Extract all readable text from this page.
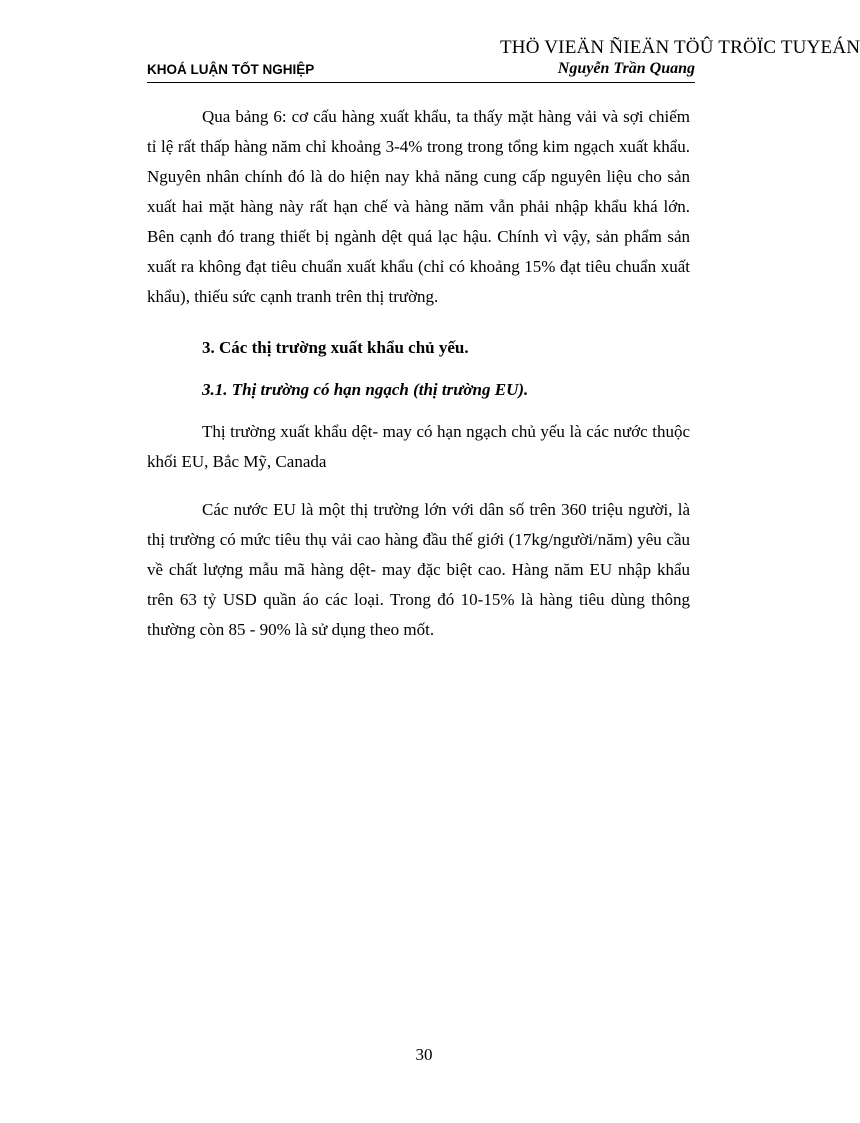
THÖ VIEÄN ÑIEÄN TÖÛ TRÖÏC TUYEÁN
KHOÁ LUẬN TỐT NGHIỆP	Nguyễn Trần Quang

Qua bảng 6: cơ cấu hàng xuất khẩu, ta thấy mặt hàng vải và sợi chiếm tỉ lệ rất thấp hàng năm chỉ khoảng 3-4% trong trong tổng kim ngạch xuất khẩu. Nguyên nhân chính đó là do hiện nay khả năng cung cấp nguyên liệu cho sản xuất hai mặt hàng này rất hạn chế và hàng năm vẫn phải nhập khẩu khá lớn. Bên cạnh đó trang thiết bị ngành dệt quá lạc hậu. Chính vì vậy, sản phẩm sản xuất ra không đạt tiêu chuẩn xuất khẩu (chỉ có khoảng 15% đạt tiêu chuẩn xuất khẩu), thiếu sức cạnh tranh trên thị trường.

3. Các thị trường xuất khẩu chủ yếu.

3.1. Thị trường có hạn ngạch (thị trường EU).

Thị trường xuất khẩu dệt- may có hạn ngạch chủ yếu là các nước thuộc khối EU, Bắc Mỹ, Canada

Các nước EU là một thị trường lớn với dân số trên 360 triệu người, là thị trường có mức tiêu thụ vải cao hàng đầu thế giới (17kg/người/năm) yêu cầu về chất lượng mẫu mã hàng dệt- may đặc biệt cao. Hàng năm EU nhập khẩu trên 63 tỷ USD quần áo các loại. Trong đó 10-15% là hàng tiêu dùng thông thường còn 85 - 90% là sử dụng theo mốt.

30
